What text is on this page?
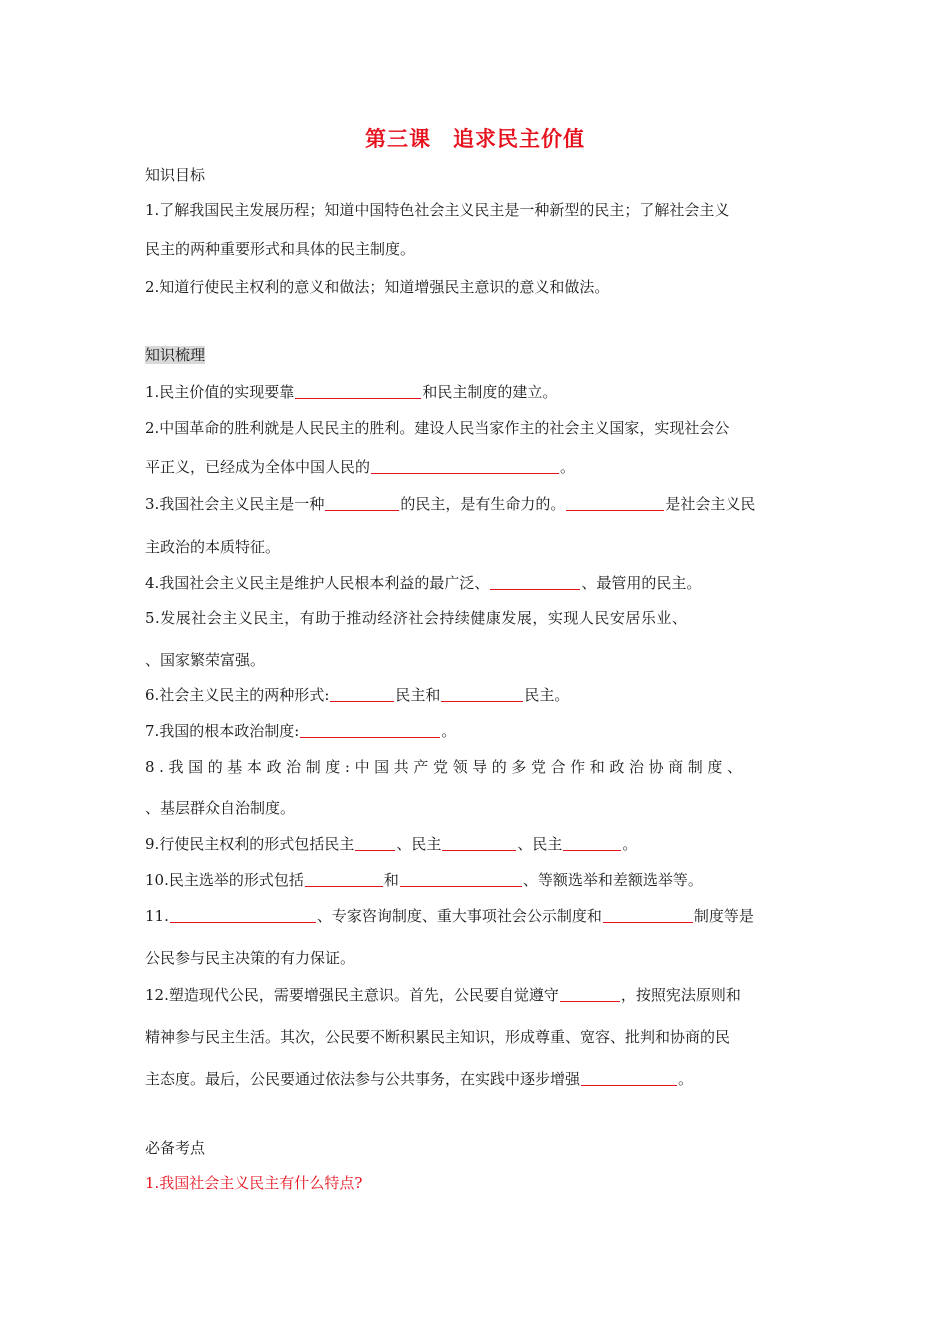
第三课 追求民主价值
知识目标
1.了解我国民主发展历程；知道中国特色社会主义民主是一种新型的民主；了解社会主义
民主的两种重要形式和具体的民主制度。
2.知道行使民主权利的意义和做法；知道增强民主意识的意义和做法。
知识梳理
1.民主价值的实现要靠	和民主制度的建立。
2.中国革命的胜利就是人民民主的胜利。建设人民当家作主的社会主义国家，实现社会公
平正义，已经成为全体中国人民的	。
3.我国社会主义民主是一种	的民主，是有生命力的。	是社会主义民
主政治的本质特征。
4.我国社会主义民主是维护人民根本利益的最广泛、	、最管用的民主。
5.发展社会主义民主，有助于推动经济社会持续健康发展，实现人民安居乐业、
、国家繁荣富强。
6.社会主义民主的两种形式:	民主和	民主。
7.我国的根本政治制度:	。
8.我国的基本政治制度:中国共产党领导的多党合作和政治协商制度、
、基层群众自治制度。
9.行使民主权利的形式包括民主	、民主	、民主	。
10.民主选举的形式包括	和	、等额选举和差额选举等。
11.	、专家咨询制度、重大事项社会公示制度和	制度等是
公民参与民主决策的有力保证。
12.塑造现代公民，需要增强民主意识。首先，公民要自觉遵守	，按照宪法原则和
精神参与民主生活。其次，公民要不断积累民主知识，形成尊重、宽容、批判和协商的民
主态度。最后，公民要通过依法参与公共事务，在实践中逐步增强	。
必备考点
1.我国社会主义民主有什么特点?
